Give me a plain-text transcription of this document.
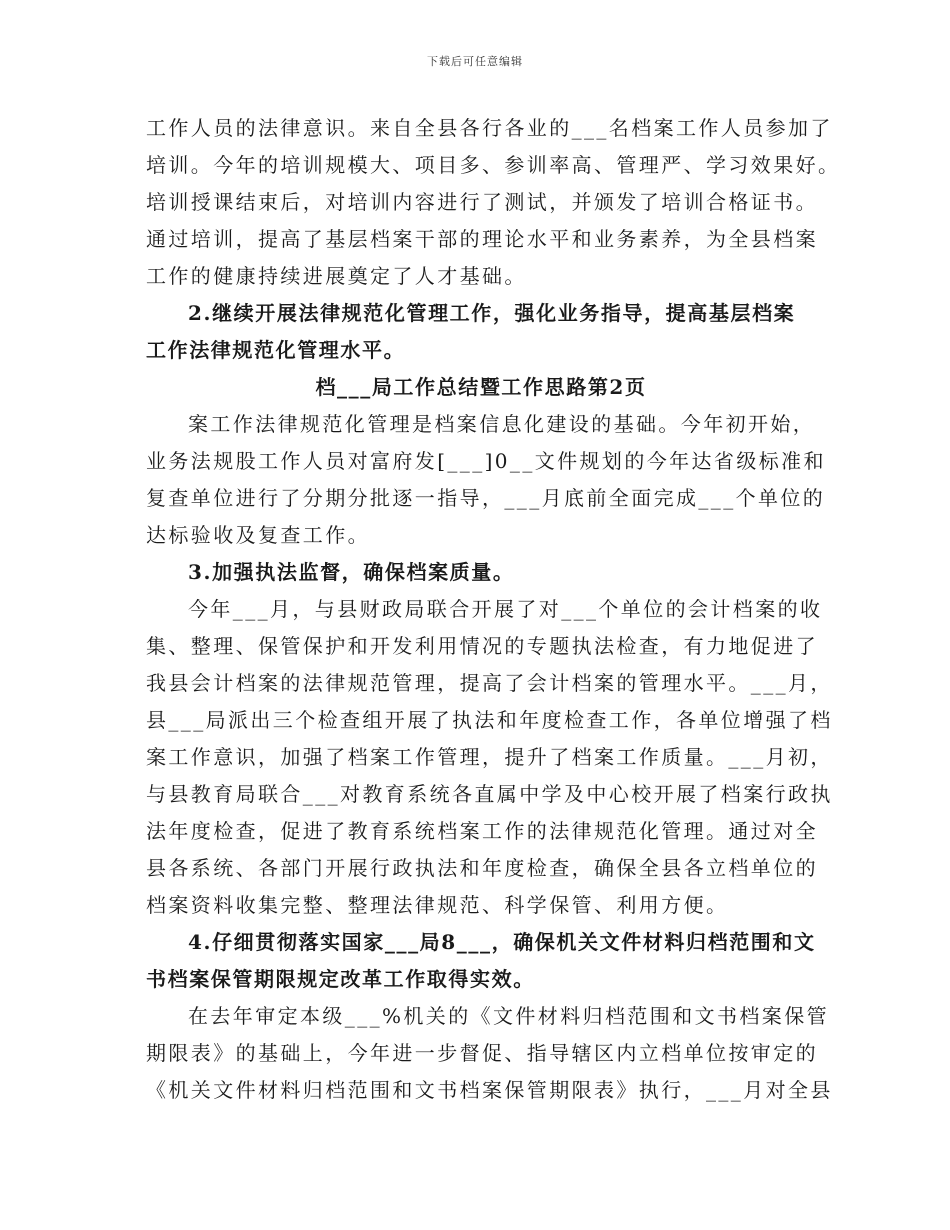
下载后可任意编辑
工作人员的法律意识。来自全县各行各业的___名档案工作人员参加了
培训。今年的培训规模大、项目多、参训率高、管理严、学习效果好。
培训授课结束后，对培训内容进行了测试，并颁发了培训合格证书。
通过培训，提高了基层档案干部的理论水平和业务素养，为全县档案
工作的健康持续进展奠定了人才基础。
2.继续开展法律规范化管理工作，强化业务指导，提高基层档案
工作法律规范化管理水平。
档___局工作总结暨工作思路第2页
案工作法律规范化管理是档案信息化建设的基础。今年初开始，
业务法规股工作人员对富府发[___]0__文件规划的今年达省级标准和
复查单位进行了分期分批逐一指导，___月底前全面完成___个单位的
达标验收及复查工作。
3.加强执法监督，确保档案质量。
今年___月，与县财政局联合开展了对___个单位的会计档案的收
集、整理、保管保护和开发利用情况的专题执法检查，有力地促进了
我县会计档案的法律规范管理，提高了会计档案的管理水平。___月，
县___局派出三个检查组开展了执法和年度检查工作，各单位增强了档
案工作意识，加强了档案工作管理，提升了档案工作质量。___月初，
与县教育局联合___对教育系统各直属中学及中心校开展了档案行政执
法年度检查，促进了教育系统档案工作的法律规范化管理。通过对全
县各系统、各部门开展行政执法和年度检查，确保全县各立档单位的
档案资料收集完整、整理法律规范、科学保管、利用方便。
4.仔细贯彻落实国家___局8___，确保机关文件材料归档范围和文
书档案保管期限规定改革工作取得实效。
在去年审定本级___%机关的《文件材料归档范围和文书档案保管
期限表》的基础上，今年进一步督促、指导辖区内立档单位按审定的
《机关文件材料归档范围和文书档案保管期限表》执行，___月对全县
